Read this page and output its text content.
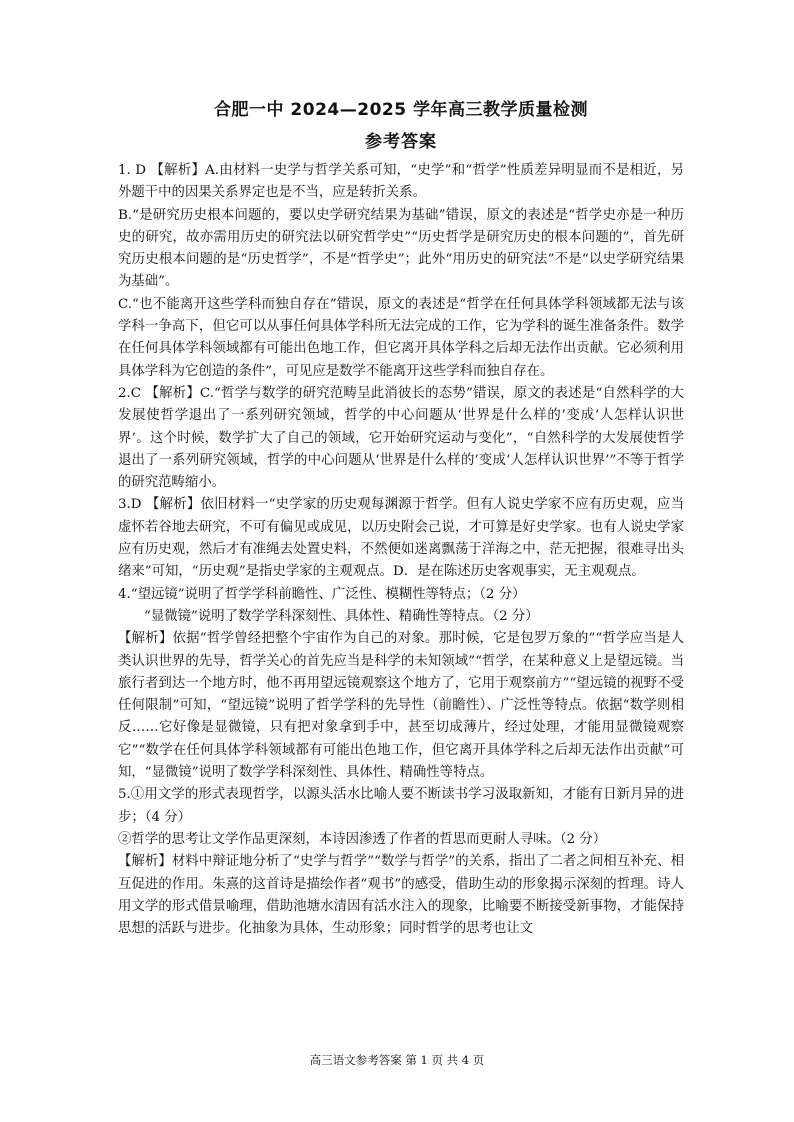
合肥一中 2024—2025 学年高三教学质量检测
参考答案

1. D 【解析】A.由材料一史学与哲学关系可知，“史学”和“哲学”性质差异明显而不是相近，另外题干中的因果关系界定也是不当，应是转折关系。

B.“是研究历史根本问题的，要以史学研究结果为基础”错误，原文的表述是“哲学史亦是一种历史的研究，故亦需用历史的研究法以研究哲学史”“历史哲学是研究历史的根本问题的”，首先研究历史根本问题的是“历史哲学”，不是“哲学史”；此外“用历史的研究法”不是“以史学研究结果为基础”。

C.“也不能离开这些学科而独自存在”错误，原文的表述是“哲学在任何具体学科领域都无法与该学科一争高下，但它可以从事任何具体学科所无法完成的工作，它为学科的诞生准备条件。数学在任何具体学科领域都有可能出色地工作，但它离开具体学科之后却无法作出贡献。它必须利用具体学科为它创造的条件”，可见应是数学不能离开这些学科而独自存在。

2.C 【解析】C.“哲学与数学的研究范畴呈此消彼长的态势”错误，原文的表述是“自然科学的大发展使哲学退出了一系列研究领域，哲学的中心问题从‘世界是什么样的’变成‘人怎样认识世界’。这个时候，数学扩大了自己的领域，它开始研究运动与变化”，“自然科学的大发展使哲学退出了一系列研究领域，哲学的中心问题从‘世界是什么样的’变成‘人怎样认识世界’”不等于哲学的研究范畴缩小。

3.D 【解析】依旧材料一“史学家的历史观每渊源于哲学。但有人说史学家不应有历史观，应当虚怀若谷地去研究，不可有偏见或成见，以历史附会己说，才可算是好史学家。也有人说史学家应有历史观，然后才有准绳去处置史料，不然便如迷离飘荡于洋海之中，茫无把握，很难寻出头绪来”可知，“历史观”是指史学家的主观观点。D．是在陈述历史客观事实，无主观观点。

4.“望远镜”说明了哲学学科前瞻性、广泛性、模糊性等特点；（2 分）

“显微镜”说明了数学学科深刻性、具体性、精确性等特点。（2 分）

【解析】依据“哲学曾经把整个宇宙作为自己的对象。那时候，它是包罗万象的”“哲学应当是人类认识世界的先导，哲学关心的首先应当是科学的未知领域”“哲学，在某种意义上是望远镜。当旅行者到达一个地方时，他不再用望远镜观察这个地方了，它用于观察前方”“望远镜的视野不受任何限制”可知，“望远镜”说明了哲学学科的先导性（前瞻性）、广泛性等特点。依据“数学则相反……它好像是显微镜，只有把对象拿到手中，甚至切成薄片，经过处理，才能用显微镜观察它”“数学在任何具体学科领域都有可能出色地工作，但它离开具体学科之后却无法作出贡献”可知，“显微镜”说明了数学学科深刻性、具体性、精确性等特点。

5.①用文学的形式表现哲学，以源头活水比喻人要不断读书学习汲取新知，才能有日新月异的进步；（4 分）

②哲学的思考让文学作品更深刻，本诗因渗透了作者的哲思而更耐人寻味。（2 分）

【解析】材料中辩证地分析了“史学与哲学”“数学与哲学”的关系，指出了二者之间相互补充、相互促进的作用。朱熹的这首诗是描绘作者“观书”的感受，借助生动的形象揭示深刻的哲理。诗人用文学的形式借景喻理，借助池塘水清因有活水注入的现象，比喻要不断接受新事物，才能保持思想的活跃与进步。化抽象为具体，生动形象；同时哲学的思考也让文

高三语文参考答案 第 1 页 共 4 页
